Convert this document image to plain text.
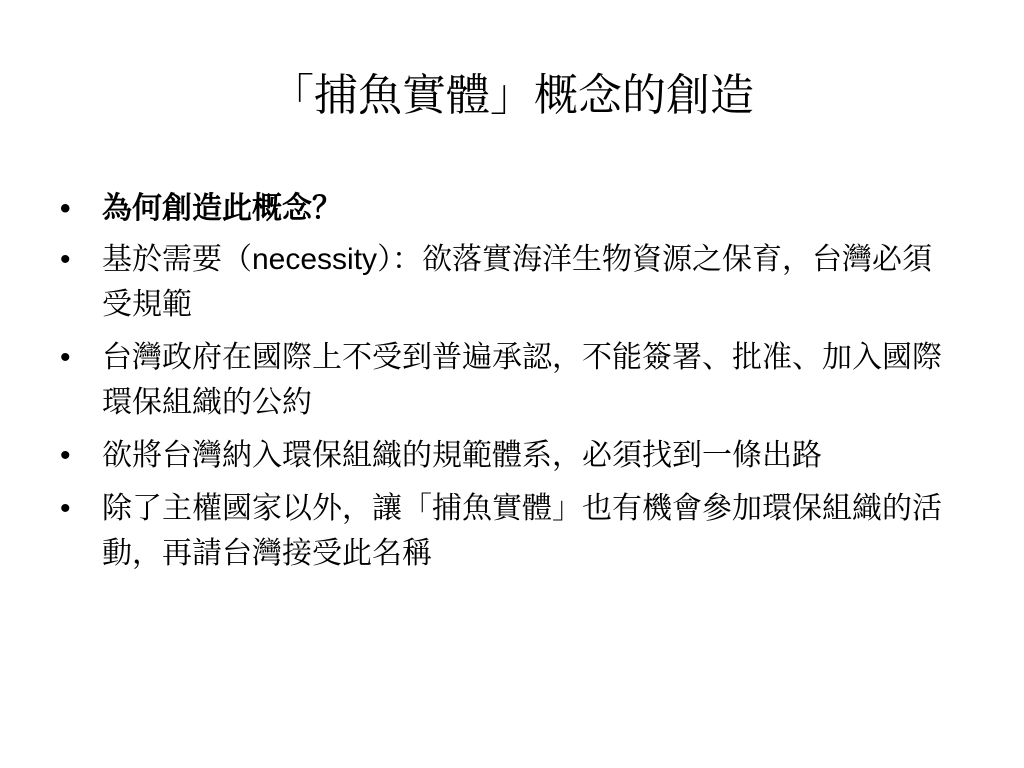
「捕魚實體」概念的創造
•	為何創造此概念？
•	基於需要（necessity）：欲落實海洋生物資源之保育，台灣必須受規範
•	台灣政府在國際上不受到普遍承認，不能簽署、批准、加入國際環保組織的公約
•	欲將台灣納入環保組織的規範體系，必須找到一條出路
•	除了主權國家以外，讓「捕魚實體」也有機會參加環保組織的活動，再請台灣接受此名稱
